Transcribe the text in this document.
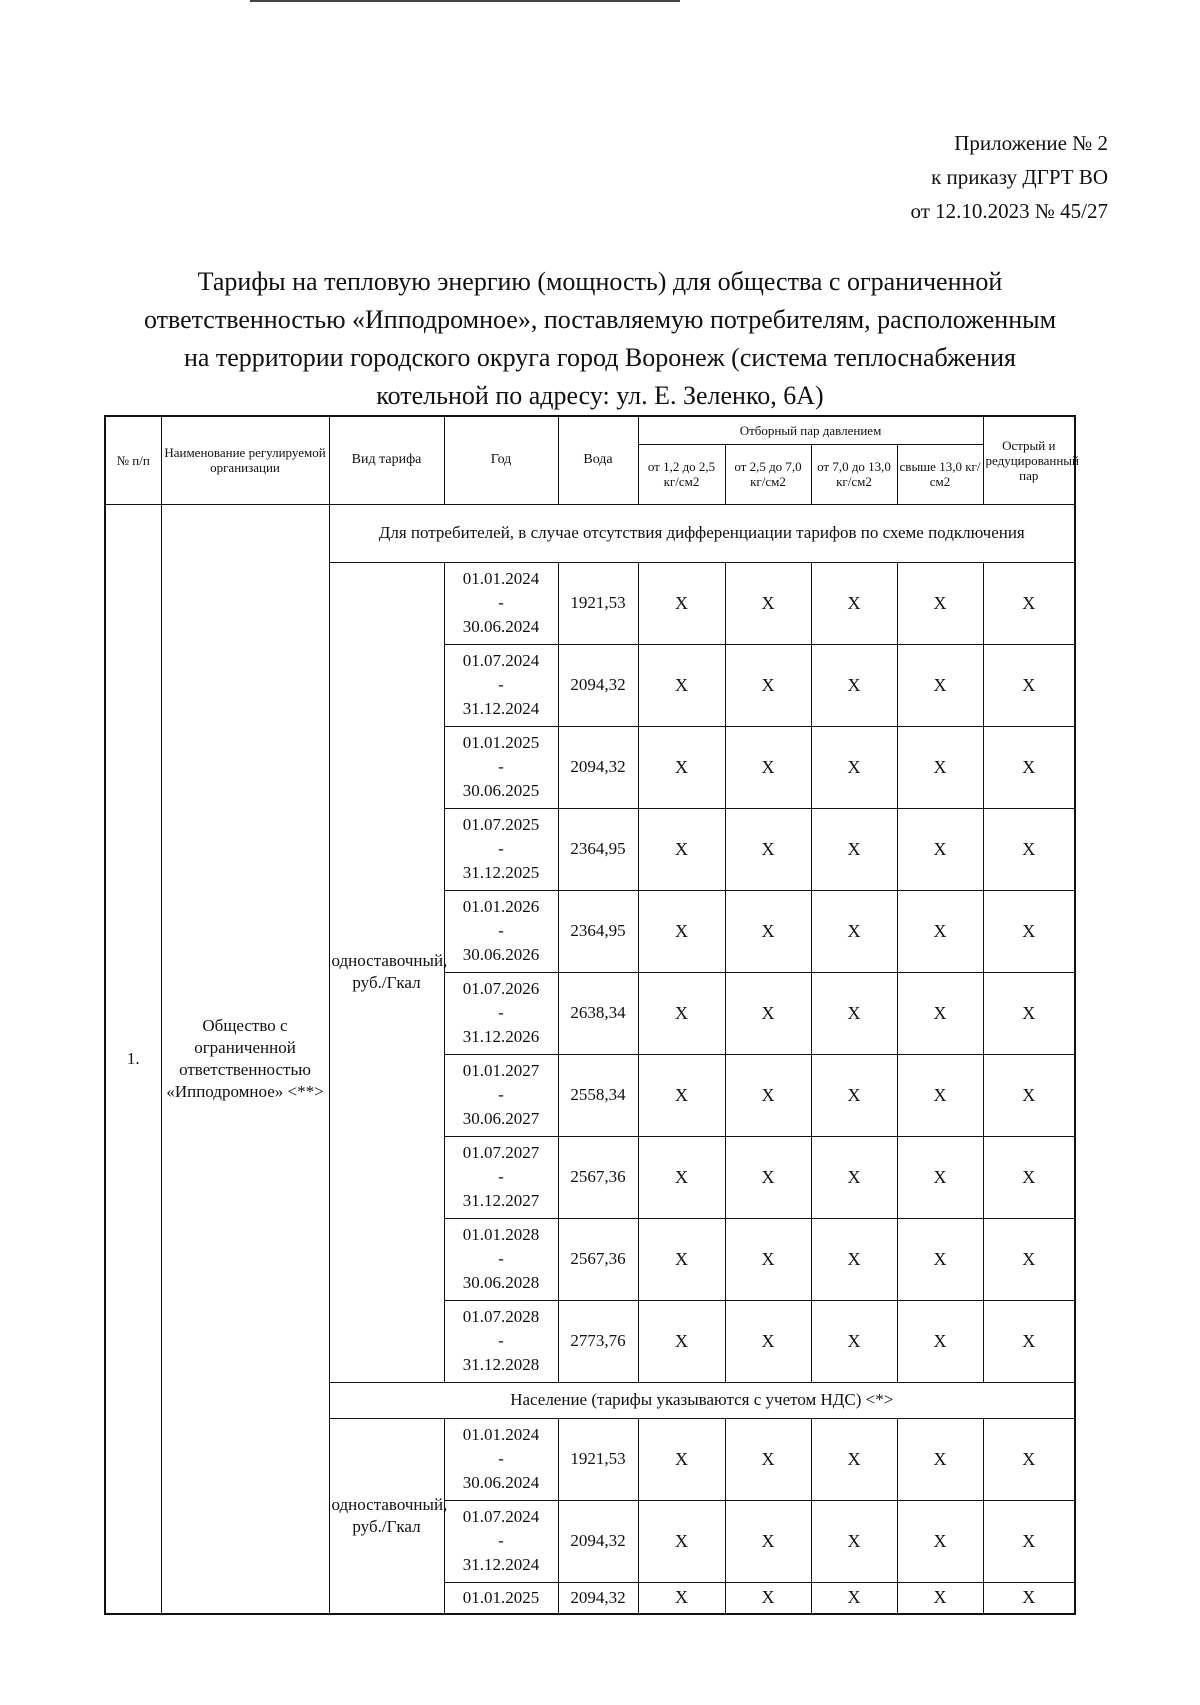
Приложение № 2
к приказу ДГРТ ВО
от 12.10.2023 № 45/27
Тарифы на тепловую энергию (мощность) для общества с ограниченной
ответственностью «Ипподромное», поставляемую потребителям, расположенным
на территории городского округа город Воронеж (система теплоснабжения
котельной по адресу: ул. Е. Зеленко, 6А)
№ п/п	Наименование регулируемой организации	Вид тарифа	Год	Вода	Отборный пар давлением				Острый и редуцированный пар
					от 1,2 до 2,5 кг/см2	от 2,5 до 7,0 кг/см2	от 7,0 до 13,0 кг/см2	свыше 13,0 кг/см2	
1.	Общество с ограниченной ответственностью «Ипподромное» <**>	Для потребителей, в случае отсутствия дифференциации тарифов по схеме подключения							
		одноставочный, руб./Гкал	01.01.2024
-
30.06.2024	1921,53	X	X	X	X	X

			01.07.2024
-
31.12.2024	2094,32	X	X	X	X	X

			01.01.2025
-
30.06.2025	2094,32	X	X	X	X	X

			01.07.2025
-
31.12.2025	2364,95	X	X	X	X	X

			01.01.2026
-
30.06.2026	2364,95	X	X	X	X	X

			01.07.2026
-
31.12.2026	2638,34	X	X	X	X	X

			01.01.2027
-
30.06.2027	2558,34	X	X	X	X	X

			01.07.2027
-
31.12.2027	2567,36	X	X	X	X	X

			01.01.2028
-
30.06.2028	2567,36	X	X	X	X	X

			01.07.2028
-
31.12.2028	2773,76	X	X	X	X	X
		Население (тарифы указываются с учетом НДС) <*>							
		одноставочный, руб./Гкал	01.01.2024
-
30.06.2024	1921,53	X	X	X	X	X

			01.07.2024
-
31.12.2024	2094,32	X	X	X	X	X

			01.01.2025	2094,32	X	X	X	X	X
